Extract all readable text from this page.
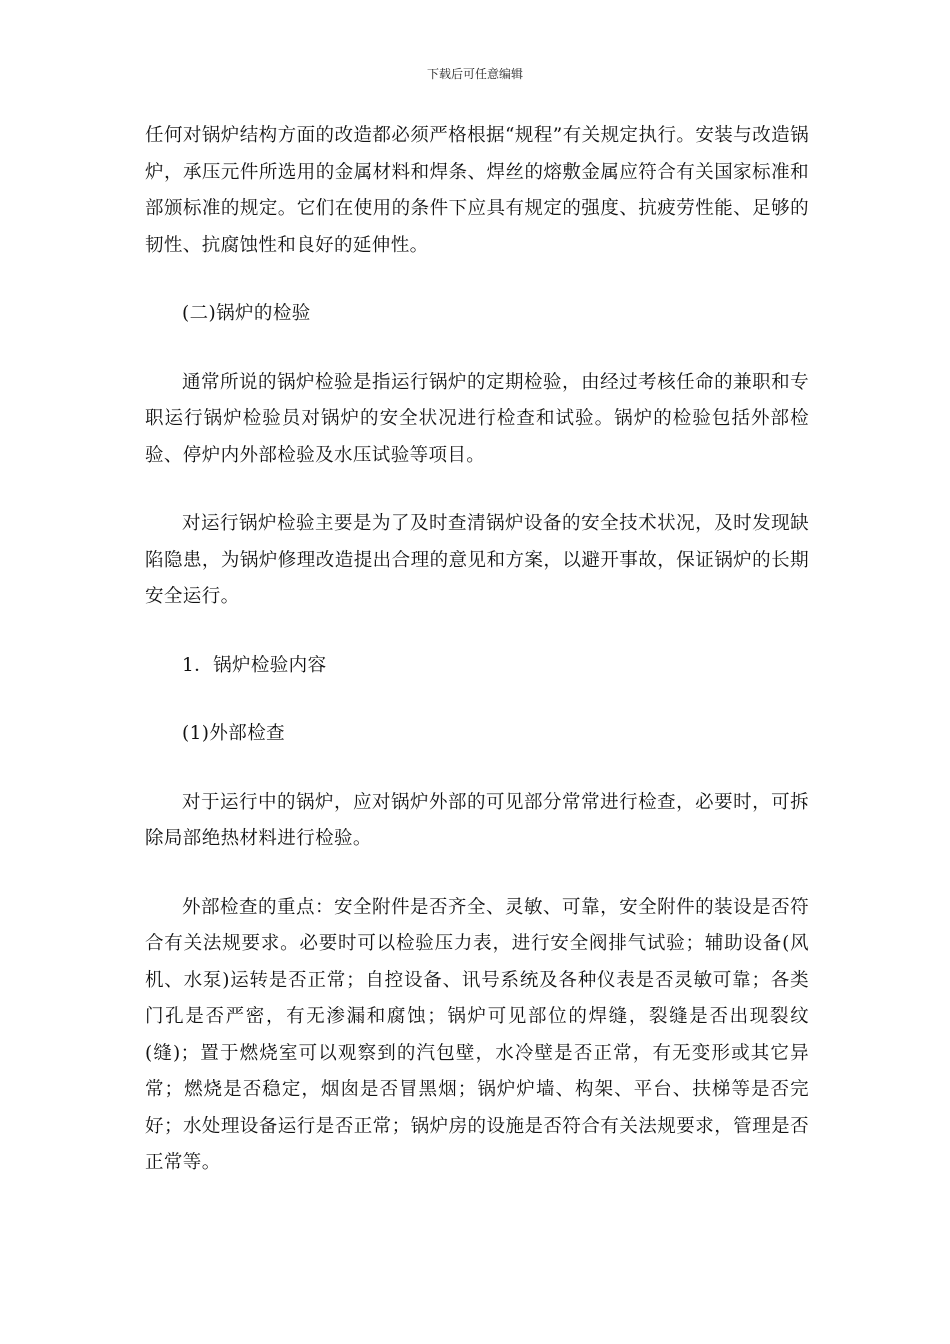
下载后可任意编辑

任何对锅炉结构方面的改造都必须严格根据“规程”有关规定执行。安装与改造锅炉，承压元件所选用的金属材料和焊条、焊丝的熔敷金属应符合有关国家标准和部颁标准的规定。它们在使用的条件下应具有规定的强度、抗疲劳性能、足够的韧性、抗腐蚀性和良好的延伸性。

(二)锅炉的检验

通常所说的锅炉检验是指运行锅炉的定期检验，由经过考核任命的兼职和专职运行锅炉检验员对锅炉的安全状况进行检查和试验。锅炉的检验包括外部检验、停炉内外部检验及水压试验等项目。

对运行锅炉检验主要是为了及时查清锅炉设备的安全技术状况，及时发现缺陷隐患，为锅炉修理改造提出合理的意见和方案，以避开事故，保证锅炉的长期安全运行。

1．锅炉检验内容

(1)外部检查

对于运行中的锅炉，应对锅炉外部的可见部分常常进行检查，必要时，可拆除局部绝热材料进行检验。

外部检查的重点：安全附件是否齐全、灵敏、可靠，安全附件的装设是否符合有关法规要求。必要时可以检验压力表，进行安全阀排气试验；辅助设备(风机、水泵)运转是否正常；自控设备、讯号系统及各种仪表是否灵敏可靠；各类门孔是否严密，有无渗漏和腐蚀；锅炉可见部位的焊缝，裂缝是否出现裂纹(缝)；置于燃烧室可以观察到的汽包壁，水冷壁是否正常，有无变形或其它异常；燃烧是否稳定，烟囱是否冒黑烟；锅炉炉墙、构架、平台、扶梯等是否完好；水处理设备运行是否正常；锅炉房的设施是否符合有关法规要求，管理是否正常等。
